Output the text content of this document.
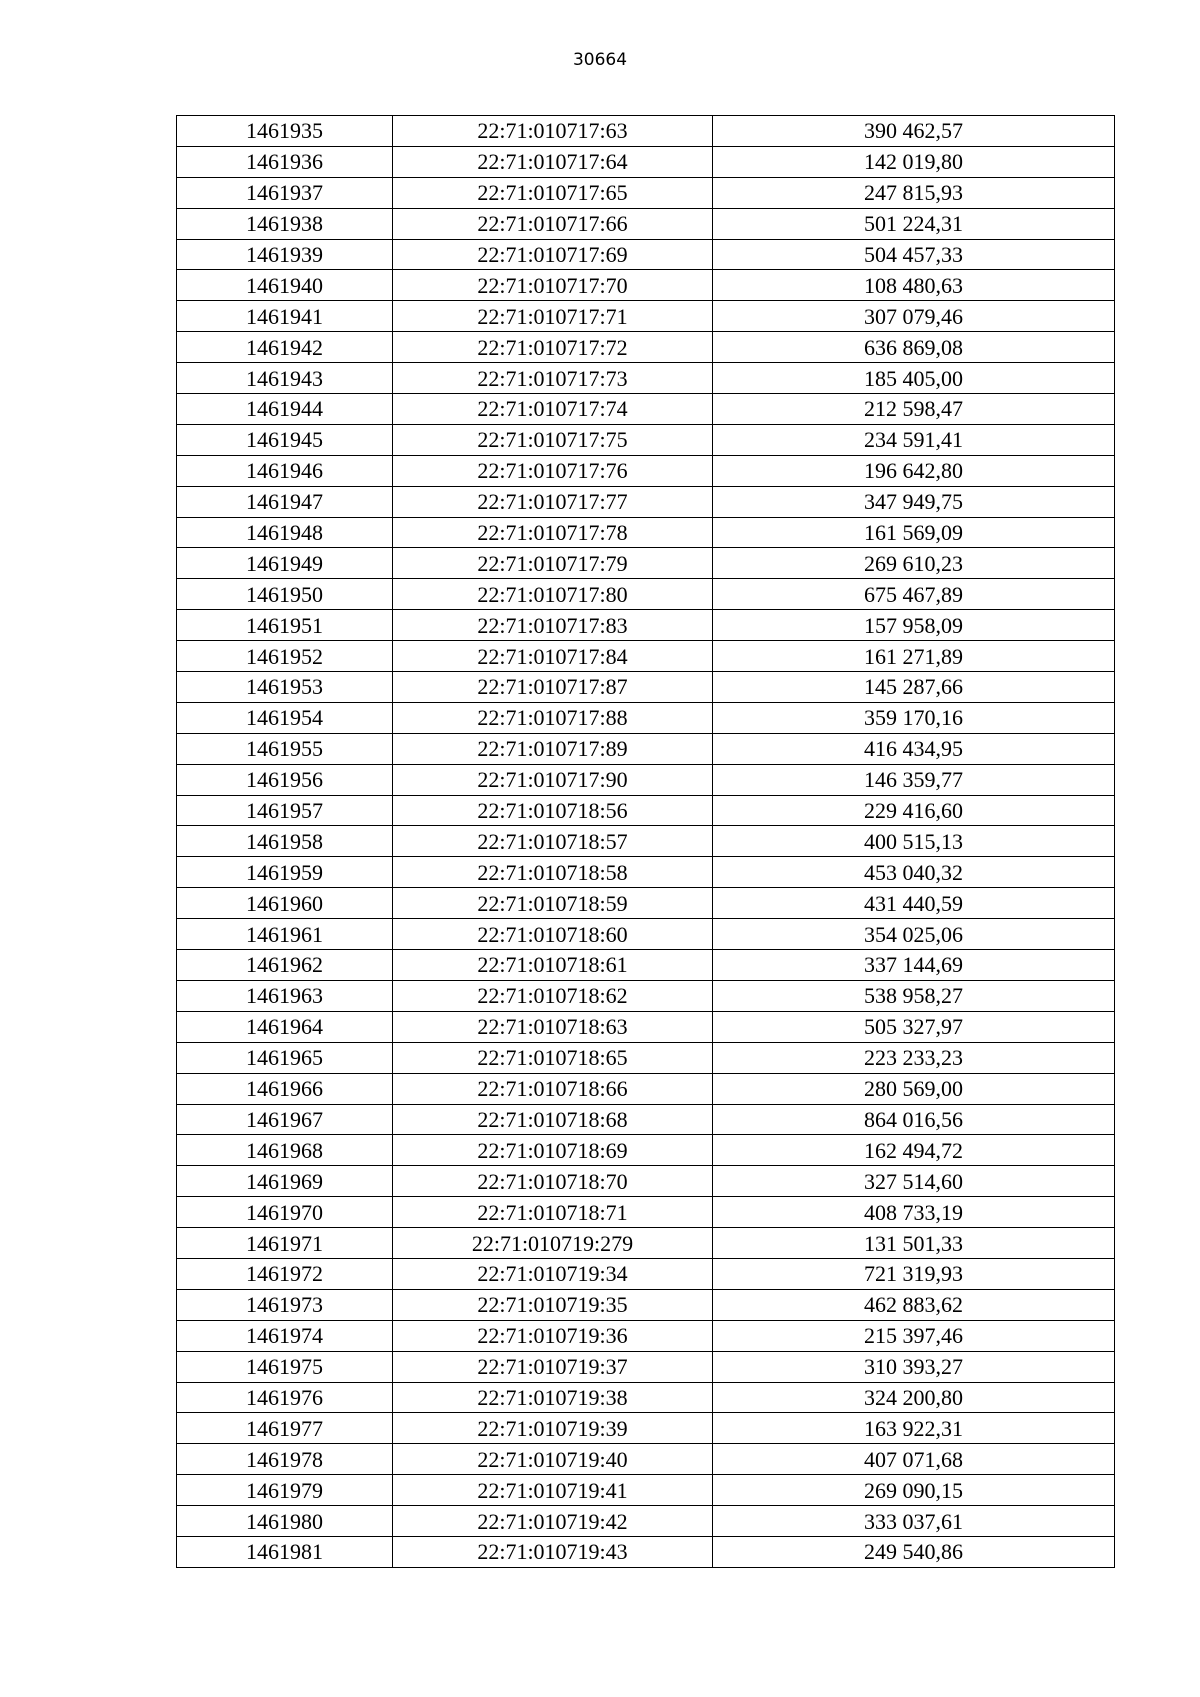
30664
1461935	22:71:010717:63	390 462,57
1461936	22:71:010717:64	142 019,80
1461937	22:71:010717:65	247 815,93
1461938	22:71:010717:66	501 224,31
1461939	22:71:010717:69	504 457,33
1461940	22:71:010717:70	108 480,63
1461941	22:71:010717:71	307 079,46
1461942	22:71:010717:72	636 869,08
1461943	22:71:010717:73	185 405,00
1461944	22:71:010717:74	212 598,47
1461945	22:71:010717:75	234 591,41
1461946	22:71:010717:76	196 642,80
1461947	22:71:010717:77	347 949,75
1461948	22:71:010717:78	161 569,09
1461949	22:71:010717:79	269 610,23
1461950	22:71:010717:80	675 467,89
1461951	22:71:010717:83	157 958,09
1461952	22:71:010717:84	161 271,89
1461953	22:71:010717:87	145 287,66
1461954	22:71:010717:88	359 170,16
1461955	22:71:010717:89	416 434,95
1461956	22:71:010717:90	146 359,77
1461957	22:71:010718:56	229 416,60
1461958	22:71:010718:57	400 515,13
1461959	22:71:010718:58	453 040,32
1461960	22:71:010718:59	431 440,59
1461961	22:71:010718:60	354 025,06
1461962	22:71:010718:61	337 144,69
1461963	22:71:010718:62	538 958,27
1461964	22:71:010718:63	505 327,97
1461965	22:71:010718:65	223 233,23
1461966	22:71:010718:66	280 569,00
1461967	22:71:010718:68	864 016,56
1461968	22:71:010718:69	162 494,72
1461969	22:71:010718:70	327 514,60
1461970	22:71:010718:71	408 733,19
1461971	22:71:010719:279	131 501,33
1461972	22:71:010719:34	721 319,93
1461973	22:71:010719:35	462 883,62
1461974	22:71:010719:36	215 397,46
1461975	22:71:010719:37	310 393,27
1461976	22:71:010719:38	324 200,80
1461977	22:71:010719:39	163 922,31
1461978	22:71:010719:40	407 071,68
1461979	22:71:010719:41	269 090,15
1461980	22:71:010719:42	333 037,61
1461981	22:71:010719:43	249 540,86
